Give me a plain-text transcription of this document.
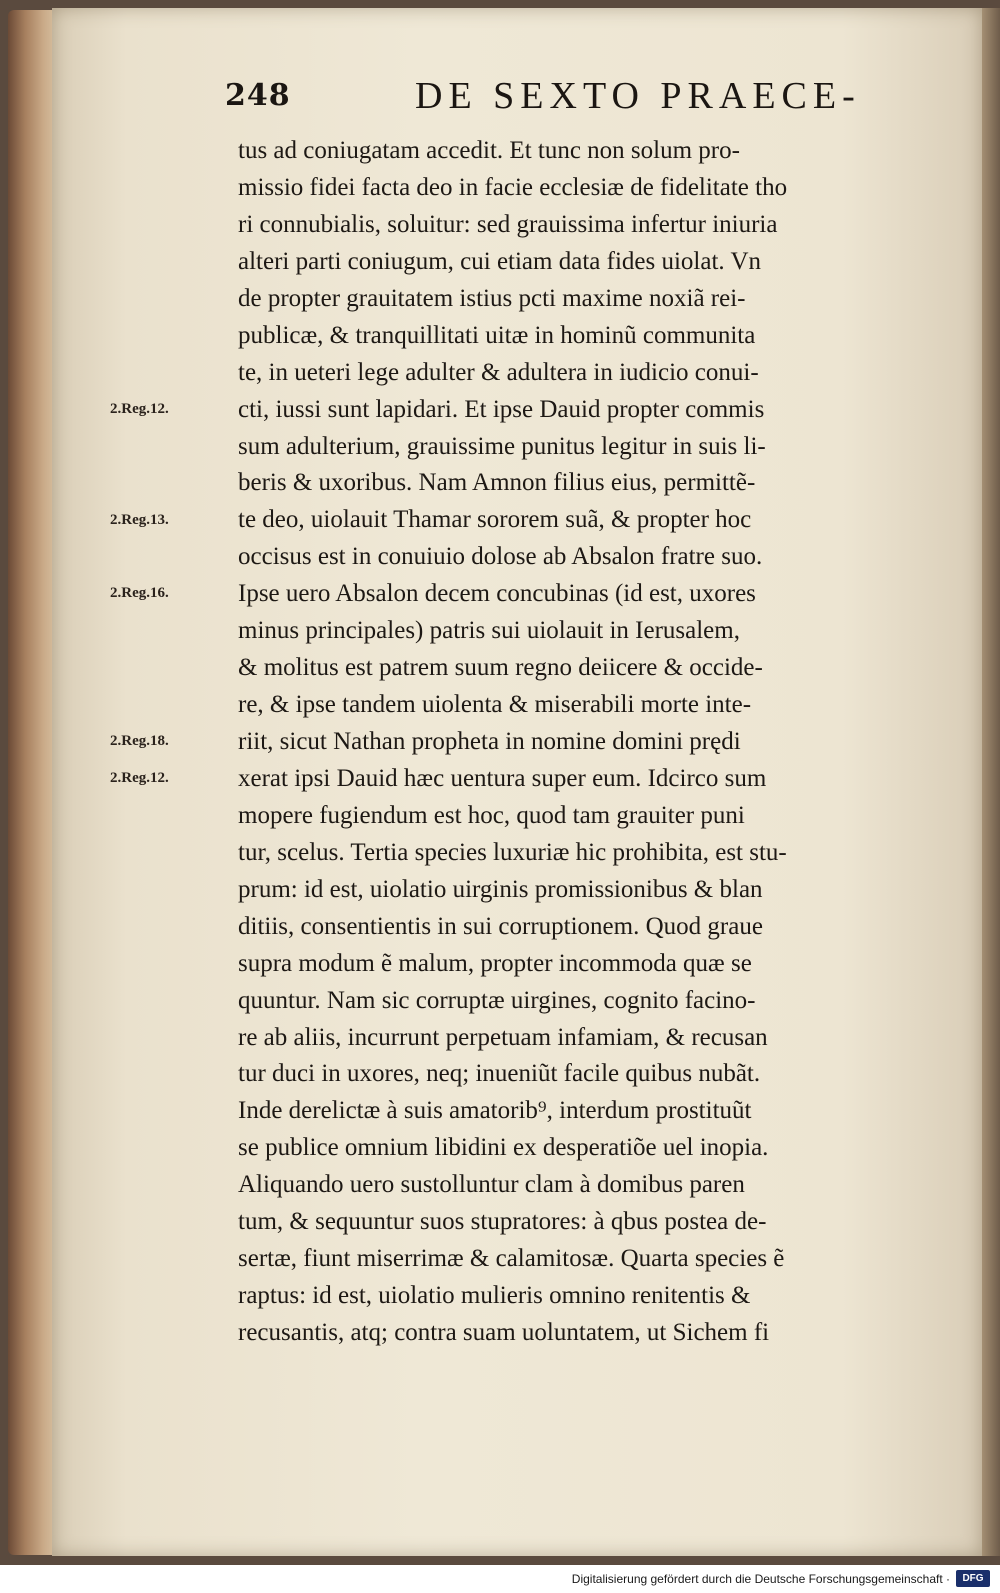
248	DE SEXTO PRAECE-
tus ad coniugatam accedit. Et tunc non solum pro-
missio fidei facta deo in facie ecclesiæ de fidelitate tho
ri connubialis, soluitur: sed grauissima infertur iniuria
alteri parti coniugum, cui etiam data fides uiolat. Vn
de propter grauitatem istius pcti maxime noxiã rei-
publicæ, & tranquillitati uitæ in hominũ communita
te, in ueteri lege adulter & adultera in iudicio conui-
cti, iussi sunt lapidari. Et ipse Dauid propter commis
sum adulterium, grauissime punitus legitur in suis li-
beris & uxoribus. Nam Amnon filius eius, permittẽ-
te deo, uiolauit Thamar sororem suã, & propter hoc
occisus est in conuiuio dolose ab Absalon fratre suo.
Ipse uero Absalon decem concubinas (id est, uxores
minus principales) patris sui uiolauit in Ierusalem,
& molitus est patrem suum regno deiicere & occide-
re, & ipse tandem uiolenta & miserabili morte inte-
riit, sicut Nathan propheta in nomine domini prędi
xerat ipsi Dauid hæc uentura super eum. Idcirco sum
mopere fugiendum est hoc, quod tam grauiter puni
tur, scelus. Tertia species luxuriæ hic prohibita, est stu-
prum: id est, uiolatio uirginis promissionibus & blan
ditiis, consentientis in sui corruptionem. Quod graue
supra modum ẽ malum, propter incommoda quæ se
quuntur. Nam sic corruptæ uirgines, cognito facino-
re ab aliis, incurrunt perpetuam infamiam, & recusan
tur duci in uxores, neq; inueniũt facile quibus nubãt.
Inde derelictæ à suis amatorib⁹, interdum prostituũt
se publice omnium libidini ex desperatiõe uel inopia.
Aliquando uero sustolluntur clam à domibus paren
tum, & sequuntur suos stupratores: à qbus postea de-
sertæ, fiunt miserrimæ & calamitosæ. Quarta species ẽ
raptus: id est, uiolatio mulieris omnino renitentis &
recusantis, atq; contra suam uoluntatem, ut Sichem fi
2.Reg.12.
2.Reg.13.
2.Reg.16.
2.Reg.18.
2.Reg.12.
Digitalisierung gefördert durch die Deutsche Forschungsgemeinschaft ·	DFG
